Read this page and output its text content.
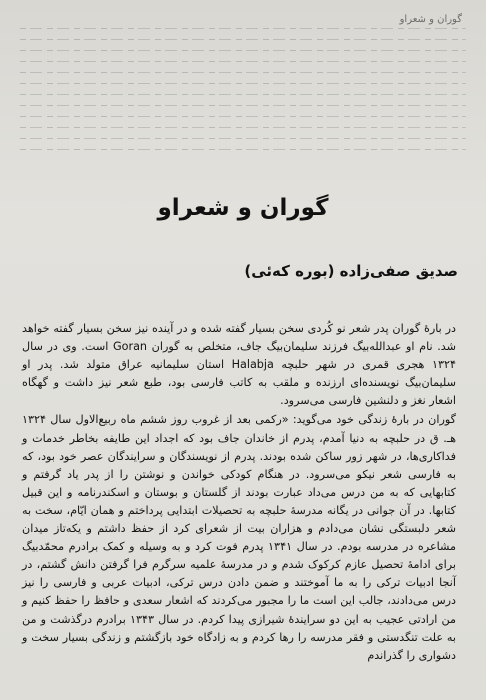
گوران و شعراو
گوران و شعراو
صدیق صفی‌زاده (بوره که‌ئی)

در بارهٔ گوران پدر شعر نو کُردی سخن بسیار گفته شده و در آینده نیز سخن بسیار گفته خواهد شد. نام او عبدالله‌بیگ فرزند سلیمان‌بیگ جاف، متخلص به گوران Goran است. وی در سال ۱۳۲۴ هجری قمری در شهر حلبچه Halabja استان سلیمانیه عراق متولد شد. پدر او سلیمان‌بیگ نویسنده‌ای ارزنده و ملقب به کاتب فارسی بود، طبع شعر نیز داشت و گهگاه اشعار نغز و دلنشین فارسی می‌سرود.

گوران در بارهٔ زندگی خود می‌گوید: «رکمی بعد از غروب روز ششم ماه ربیع‌الاول سال ۱۳۲۴ هـ. ق در حلبچه به دنیا آمدم، پدرم از خاندان جاف بود که اجداد این طایفه بخاطر خدمات و فداکاری‌ها، در شهر زور ساکن شده بودند. پدرم از نویسندگان و سرایندگان عصر خود بود، که به فارسی شعر نیکو می‌سرود. در هنگام کودکی خواندن و نوشتن را از پدر یاد گرفتم و کتابهایی که به من درس می‌داد عبارت بودند از گلستان و بوستان و اسکندرنامه و این قبیل کتابها. در آن جوانی در یگانه مدرسهٔ حلبچه به تحصیلات ابتدایی پرداختم و همان ایّام، سخت به شعر دلبستگی نشان می‌دادم و هزاران بیت از شعرای کرد از حفظ داشتم و یکه‌تاز میدان مشاعره در مدرسه بودم. در سال ۱۳۴۱ پدرم فوت کرد و به وسیله و کمک برادرم محمّدبیگ برای ادامهٔ تحصیل عازم کرکوک شدم و در مدرسهٔ علمیه سرگرم فرا گرفتن دانش گشتم، در آنجا ادبیات ترکی را به ما آموختند و ضمن دادن درس ترکی، ادبیات عربی و فارسی را نیز درس می‌دادند، جالب این است ما را مجبور می‌کردند که اشعار سعدی و حافظ را حفظ کنیم و من ارادتی عجیب به این دو سرایندهٔ شیرازی پیدا کردم. در سال ۱۳۴۳ برادرم درگذشت و من به علت تنگدستی و فقر مدرسه را رها کردم و به زادگاه خود بازگشتم و زندگی بسیار سخت و دشواری را گذراندم
